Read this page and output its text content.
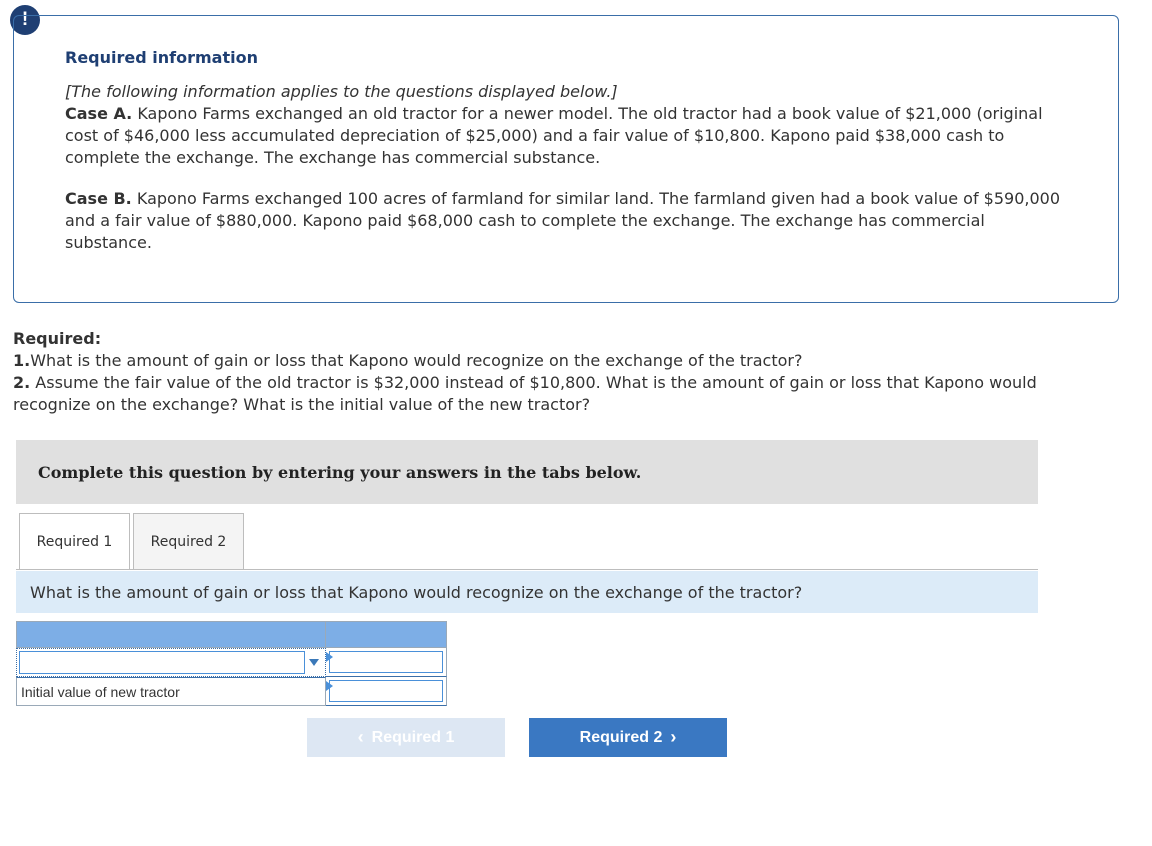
!
Required information
[The following information applies to the questions displayed below.]
Case A. Kapono Farms exchanged an old tractor for a newer model. The old tractor had a book value of $21,000 (original cost of $46,000 less accumulated depreciation of $25,000) and a fair value of $10,800. Kapono paid $38,000 cash to complete the exchange. The exchange has commercial substance.
Case B. Kapono Farms exchanged 100 acres of farmland for similar land. The farmland given had a book value of $590,000 and a fair value of $880,000. Kapono paid $68,000 cash to complete the exchange. The exchange has commercial substance.
Required:
1.What is the amount of gain or loss that Kapono would recognize on the exchange of the tractor?
2. Assume the fair value of the old tractor is $32,000 instead of $10,800. What is the amount of gain or loss that Kapono would recognize on the exchange? What is the initial value of the new tractor?
Complete this question by entering your answers in the tabs below.
Required 1	Required 2
What is the amount of gain or loss that Kapono would recognize on the exchange of the tractor?
Initial value of new tractor
‹ Required 1	Required 2 ›
